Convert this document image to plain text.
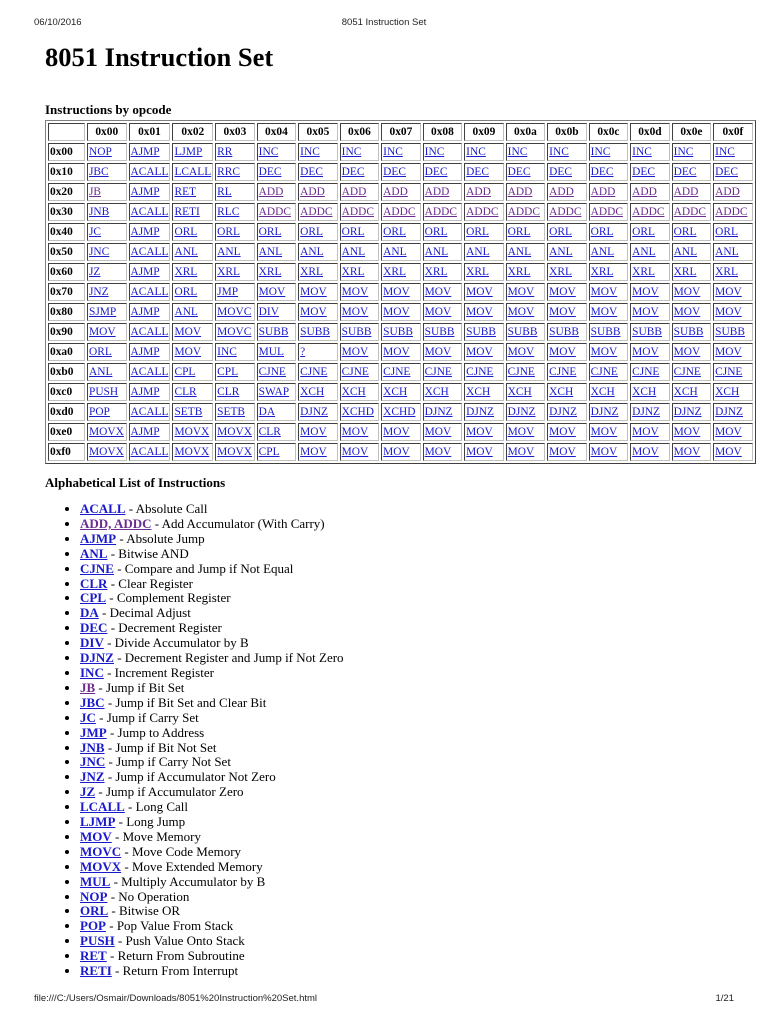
06/10/2016	8051 Instruction Set
8051 Instruction Set
Instructions by opcode
	0x00	0x01	0x02	0x03	0x04	0x05	0x06	0x07	0x08	0x09	0x0a	0x0b	0x0c	0x0d	0x0e	0x0f
0x00	NOP	AJMP	LJMP	RR	INC	INC	INC	INC	INC	INC	INC	INC	INC	INC	INC	INC
0x10	JBC	ACALL	LCALL	RRC	DEC	DEC	DEC	DEC	DEC	DEC	DEC	DEC	DEC	DEC	DEC	DEC
0x20	JB	AJMP	RET	RL	ADD	ADD	ADD	ADD	ADD	ADD	ADD	ADD	ADD	ADD	ADD	ADD
0x30	JNB	ACALL	RETI	RLC	ADDC	ADDC	ADDC	ADDC	ADDC	ADDC	ADDC	ADDC	ADDC	ADDC	ADDC	ADDC
0x40	JC	AJMP	ORL	ORL	ORL	ORL	ORL	ORL	ORL	ORL	ORL	ORL	ORL	ORL	ORL	ORL
0x50	JNC	ACALL	ANL	ANL	ANL	ANL	ANL	ANL	ANL	ANL	ANL	ANL	ANL	ANL	ANL	ANL
0x60	JZ	AJMP	XRL	XRL	XRL	XRL	XRL	XRL	XRL	XRL	XRL	XRL	XRL	XRL	XRL	XRL
0x70	JNZ	ACALL	ORL	JMP	MOV	MOV	MOV	MOV	MOV	MOV	MOV	MOV	MOV	MOV	MOV	MOV
0x80	SJMP	AJMP	ANL	MOVC	DIV	MOV	MOV	MOV	MOV	MOV	MOV	MOV	MOV	MOV	MOV	MOV
0x90	MOV	ACALL	MOV	MOVC	SUBB	SUBB	SUBB	SUBB	SUBB	SUBB	SUBB	SUBB	SUBB	SUBB	SUBB	SUBB
0xa0	ORL	AJMP	MOV	INC	MUL	?	MOV	MOV	MOV	MOV	MOV	MOV	MOV	MOV	MOV	MOV
0xb0	ANL	ACALL	CPL	CPL	CJNE	CJNE	CJNE	CJNE	CJNE	CJNE	CJNE	CJNE	CJNE	CJNE	CJNE	CJNE
0xc0	PUSH	AJMP	CLR	CLR	SWAP	XCH	XCH	XCH	XCH	XCH	XCH	XCH	XCH	XCH	XCH	XCH
0xd0	POP	ACALL	SETB	SETB	DA	DJNZ	XCHD	XCHD	DJNZ	DJNZ	DJNZ	DJNZ	DJNZ	DJNZ	DJNZ	DJNZ
0xe0	MOVX	AJMP	MOVX	MOVX	CLR	MOV	MOV	MOV	MOV	MOV	MOV	MOV	MOV	MOV	MOV	MOV
0xf0	MOVX	ACALL	MOVX	MOVX	CPL	MOV	MOV	MOV	MOV	MOV	MOV	MOV	MOV	MOV	MOV	MOV
Alphabetical List of Instructions
• ACALL - Absolute Call
• ADD, ADDC - Add Accumulator (With Carry)
• AJMP - Absolute Jump
• ANL - Bitwise AND
• CJNE - Compare and Jump if Not Equal
• CLR - Clear Register
• CPL - Complement Register
• DA - Decimal Adjust
• DEC - Decrement Register
• DIV - Divide Accumulator by B
• DJNZ - Decrement Register and Jump if Not Zero
• INC - Increment Register
• JB - Jump if Bit Set
• JBC - Jump if Bit Set and Clear Bit
• JC - Jump if Carry Set
• JMP - Jump to Address
• JNB - Jump if Bit Not Set
• JNC - Jump if Carry Not Set
• JNZ - Jump if Accumulator Not Zero
• JZ - Jump if Accumulator Zero
• LCALL - Long Call
• LJMP - Long Jump
• MOV - Move Memory
• MOVC - Move Code Memory
• MOVX - Move Extended Memory
• MUL - Multiply Accumulator by B
• NOP - No Operation
• ORL - Bitwise OR
• POP - Pop Value From Stack
• PUSH - Push Value Onto Stack
• RET - Return From Subroutine
• RETI - Return From Interrupt
file:///C:/Users/Osmair/Downloads/8051%20Instruction%20Set.html	1/21
